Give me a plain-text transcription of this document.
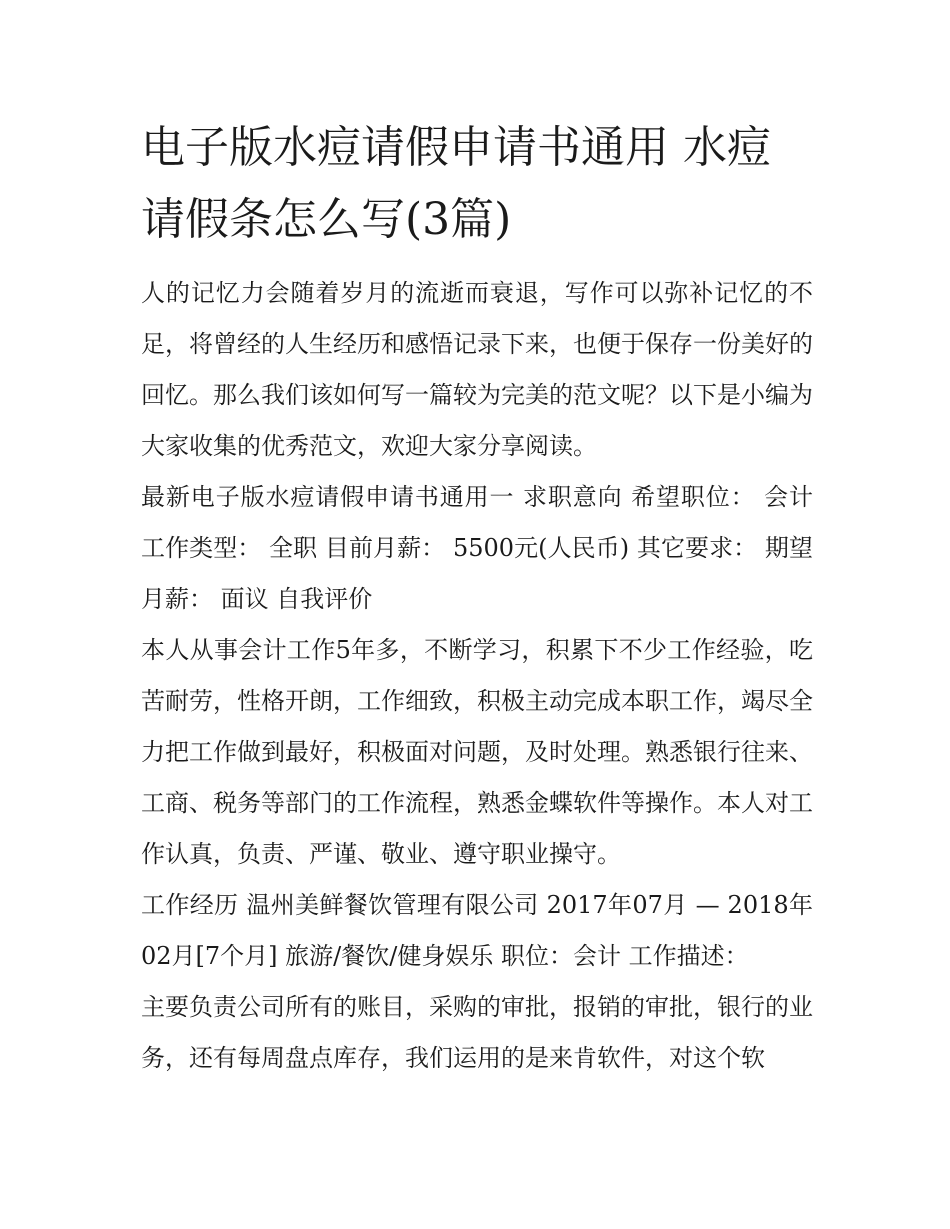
电子版水痘请假申请书通用 水痘请假条怎么写(3篇)

人的记忆力会随着岁月的流逝而衰退，写作可以弥补记忆的不足，将曾经的人生经历和感悟记录下来，也便于保存一份美好的回忆。那么我们该如何写一篇较为完美的范文呢？以下是小编为大家收集的优秀范文，欢迎大家分享阅读。

最新电子版水痘请假申请书通用一 求职意向 希望职位： 会计 工作类型： 全职 目前月薪： 5500元(人民币) 其它要求： 期望月薪： 面议 自我评价

本人从事会计工作5年多，不断学习，积累下不少工作经验，吃苦耐劳，性格开朗，工作细致，积极主动完成本职工作，竭尽全力把工作做到最好，积极面对问题，及时处理。熟悉银行往来、工商、税务等部门的工作流程，熟悉金蝶软件等操作。本人对工作认真，负责、严谨、敬业、遵守职业操守。

工作经历 温州美鲜餐饮管理有限公司 2017年07月 — 2018年02月[7个月] 旅游/餐饮/健身娱乐 职位：会计 工作描述：

主要负责公司所有的账目，采购的审批，报销的审批，银行的业务，还有每周盘点库存，我们运用的是来肯软件，对这个软
